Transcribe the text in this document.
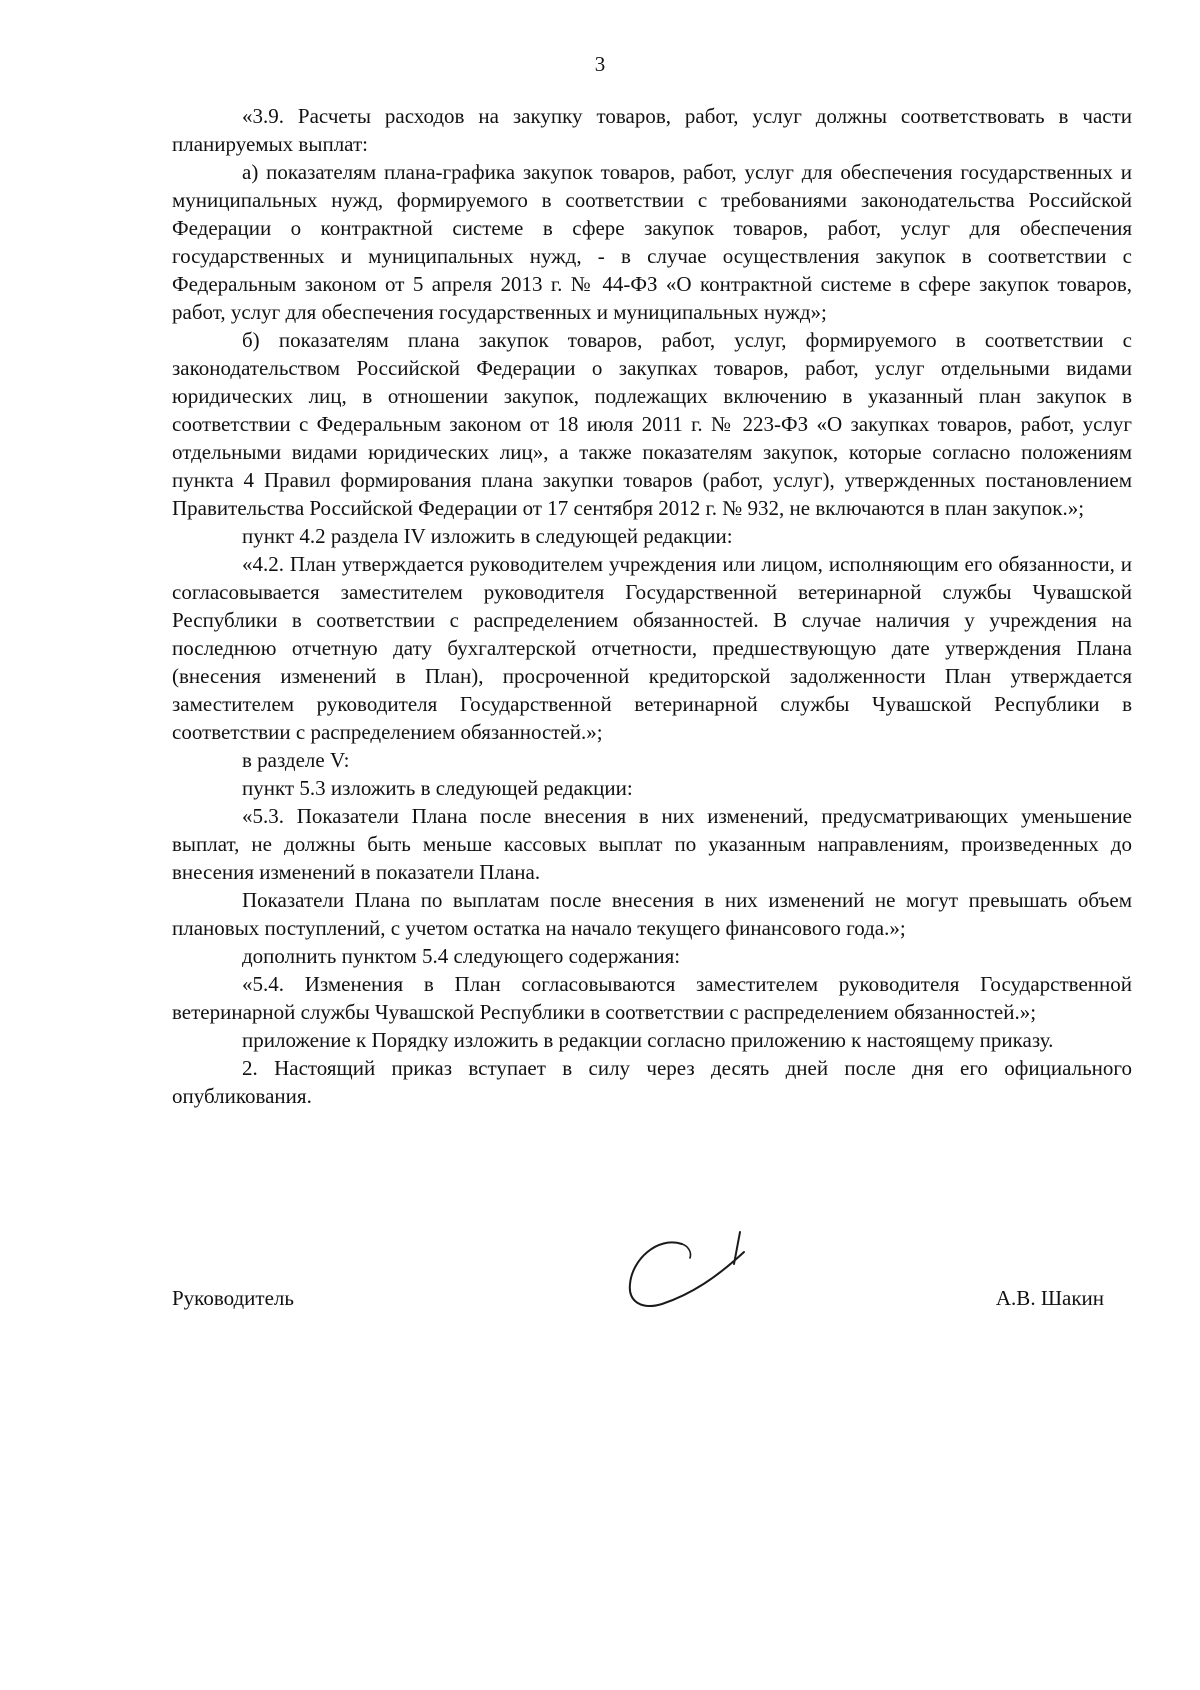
3

«3.9. Расчеты расходов на закупку товаров, работ, услуг должны соответствовать в части планируемых выплат:

а) показателям плана-графика закупок товаров, работ, услуг для обеспечения государственных и муниципальных нужд, формируемого в соответствии с требованиями законодательства Российской Федерации о контрактной системе в сфере закупок товаров, работ, услуг для обеспечения государственных и муниципальных нужд, - в случае осуществления закупок в соответствии с Федеральным законом от 5 апреля 2013 г. № 44-ФЗ «О контрактной системе в сфере закупок товаров, работ, услуг для обеспечения государственных и муниципальных нужд»;

б) показателям плана закупок товаров, работ, услуг, формируемого в соответствии с законодательством Российской Федерации о закупках товаров, работ, услуг отдельными видами юридических лиц, в отношении закупок, подлежащих включению в указанный план закупок в соответствии с Федеральным законом от 18 июля 2011 г. № 223-ФЗ «О закупках товаров, работ, услуг отдельными видами юридических лиц», а также показателям закупок, которые согласно положениям пункта 4 Правил формирования плана закупки товаров (работ, услуг), утвержденных постановлением Правительства Российской Федерации от 17 сентября 2012 г. № 932, не включаются в план закупок.»;

пункт 4.2 раздела IV изложить в следующей редакции:

«4.2. План утверждается руководителем учреждения или лицом, исполняющим его обязанности, и согласовывается заместителем руководителя Государственной ветеринарной службы Чувашской Республики в соответствии с распределением обязанностей. В случае наличия у учреждения на последнюю отчетную дату бухгалтерской отчетности, предшествующую дате утверждения Плана (внесения изменений в План), просроченной кредиторской задолженности План утверждается заместителем руководителя Государственной ветеринарной службы Чувашской Республики в соответствии с распределением обязанностей.»;

в разделе V:

пункт 5.3 изложить в следующей редакции:

«5.3. Показатели Плана после внесения в них изменений, предусматривающих уменьшение выплат, не должны быть меньше кассовых выплат по указанным направлениям, произведенных до внесения изменений в показатели Плана.

Показатели Плана по выплатам после внесения в них изменений не могут превышать объем плановых поступлений, с учетом остатка на начало текущего финансового года.»;

дополнить пунктом 5.4 следующего содержания:

«5.4. Изменения в План согласовываются заместителем руководителя Государственной ветеринарной службы Чувашской Республики в соответствии с распределением обязанностей.»;

приложение к Порядку изложить в редакции согласно приложению к настоящему приказу.

2. Настоящий приказ вступает в силу через десять дней после дня его официального опубликования.

Руководитель	А.В. Шакин
